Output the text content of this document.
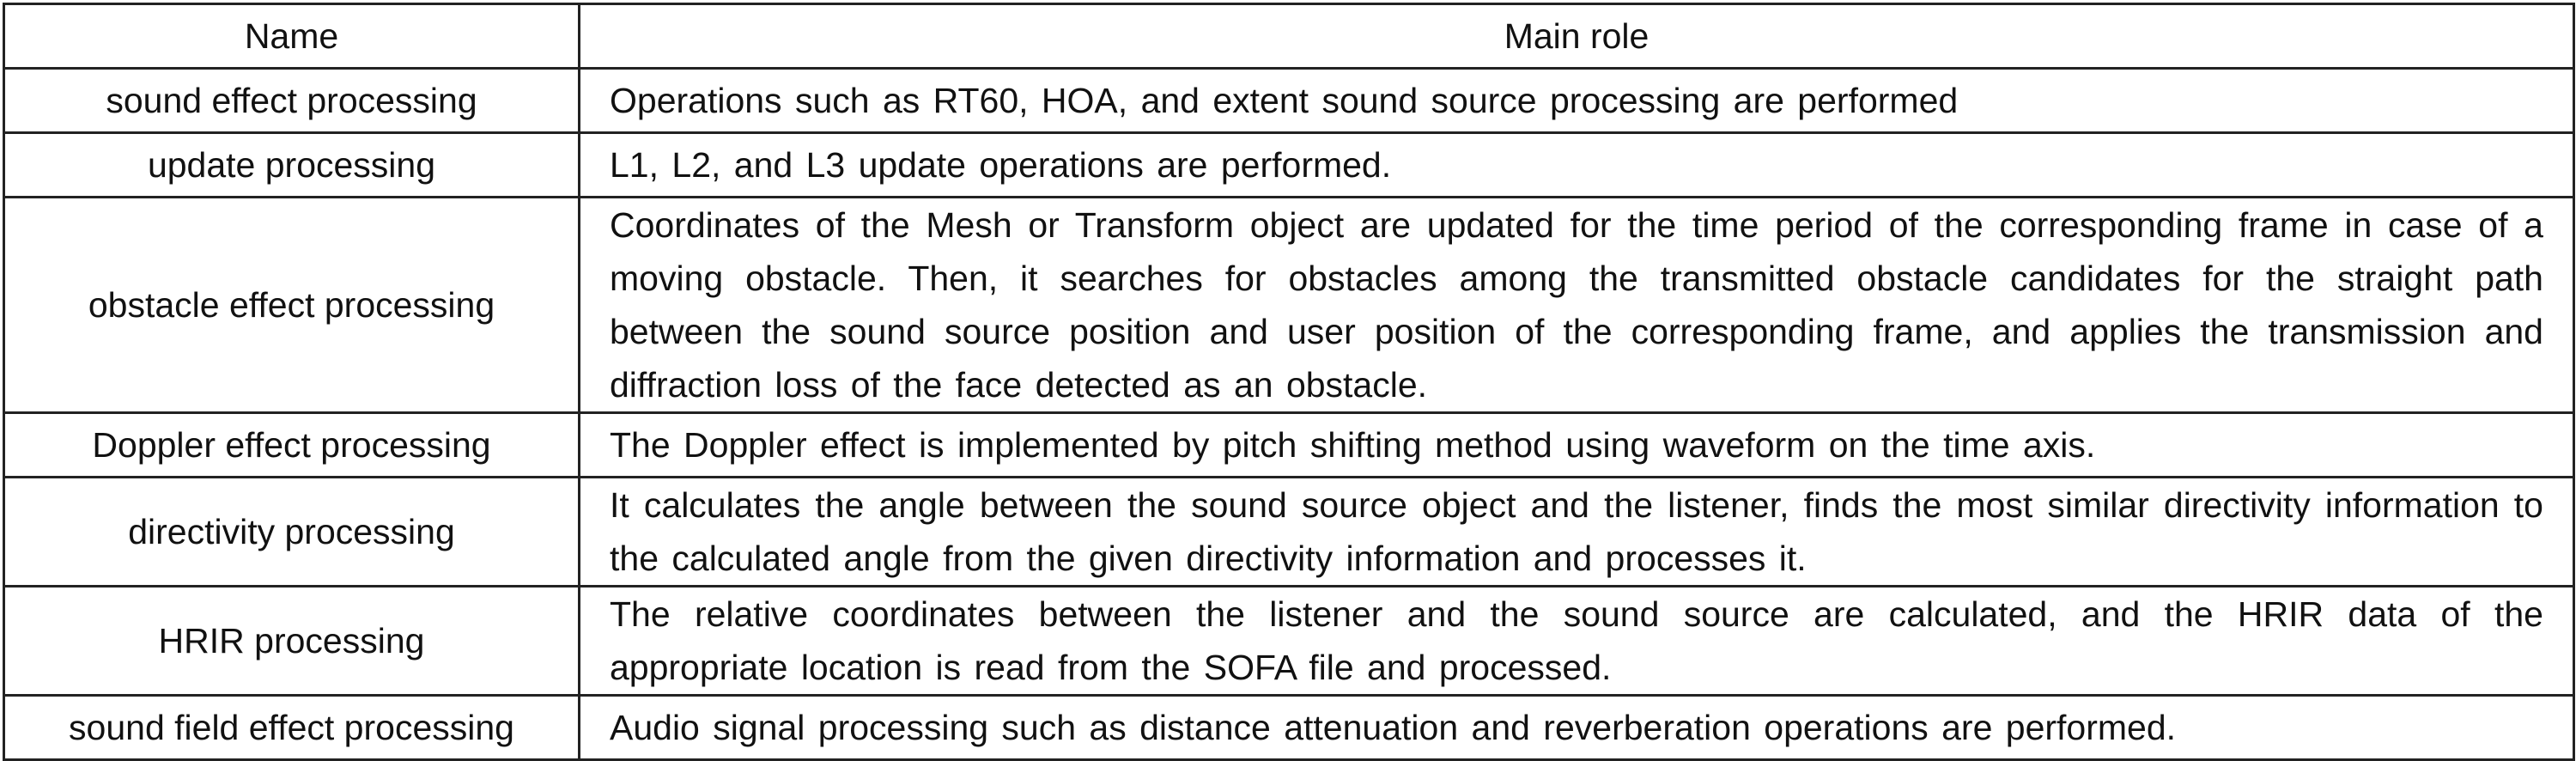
Name	Main role
sound effect processing	Operations such as RT60, HOA, and extent sound source processing are performed
update processing	L1, L2, and L3 update operations are performed.
obstacle effect processing	Coordinates of the Mesh or Transform object are updated for the time period of the corresponding frame in case of a moving obstacle. Then, it searches for obstacles among the transmitted obstacle candidates for the straight path between the sound source position and user position of the corresponding frame, and applies the transmission and diffraction loss of the face detected as an obstacle.
Doppler effect processing	The Doppler effect is implemented by pitch shifting method using waveform on the time axis.
directivity processing	It calculates the angle between the sound source object and the listener, finds the most similar directivity information to the calculated angle from the given directivity information and processes it.
HRIR processing	The relative coordinates between the listener and the sound source are calculated, and the HRIR data of the appropriate location is read from the SOFA file and processed.
sound field effect processing	Audio signal processing such as distance attenuation and reverberation operations are performed.
